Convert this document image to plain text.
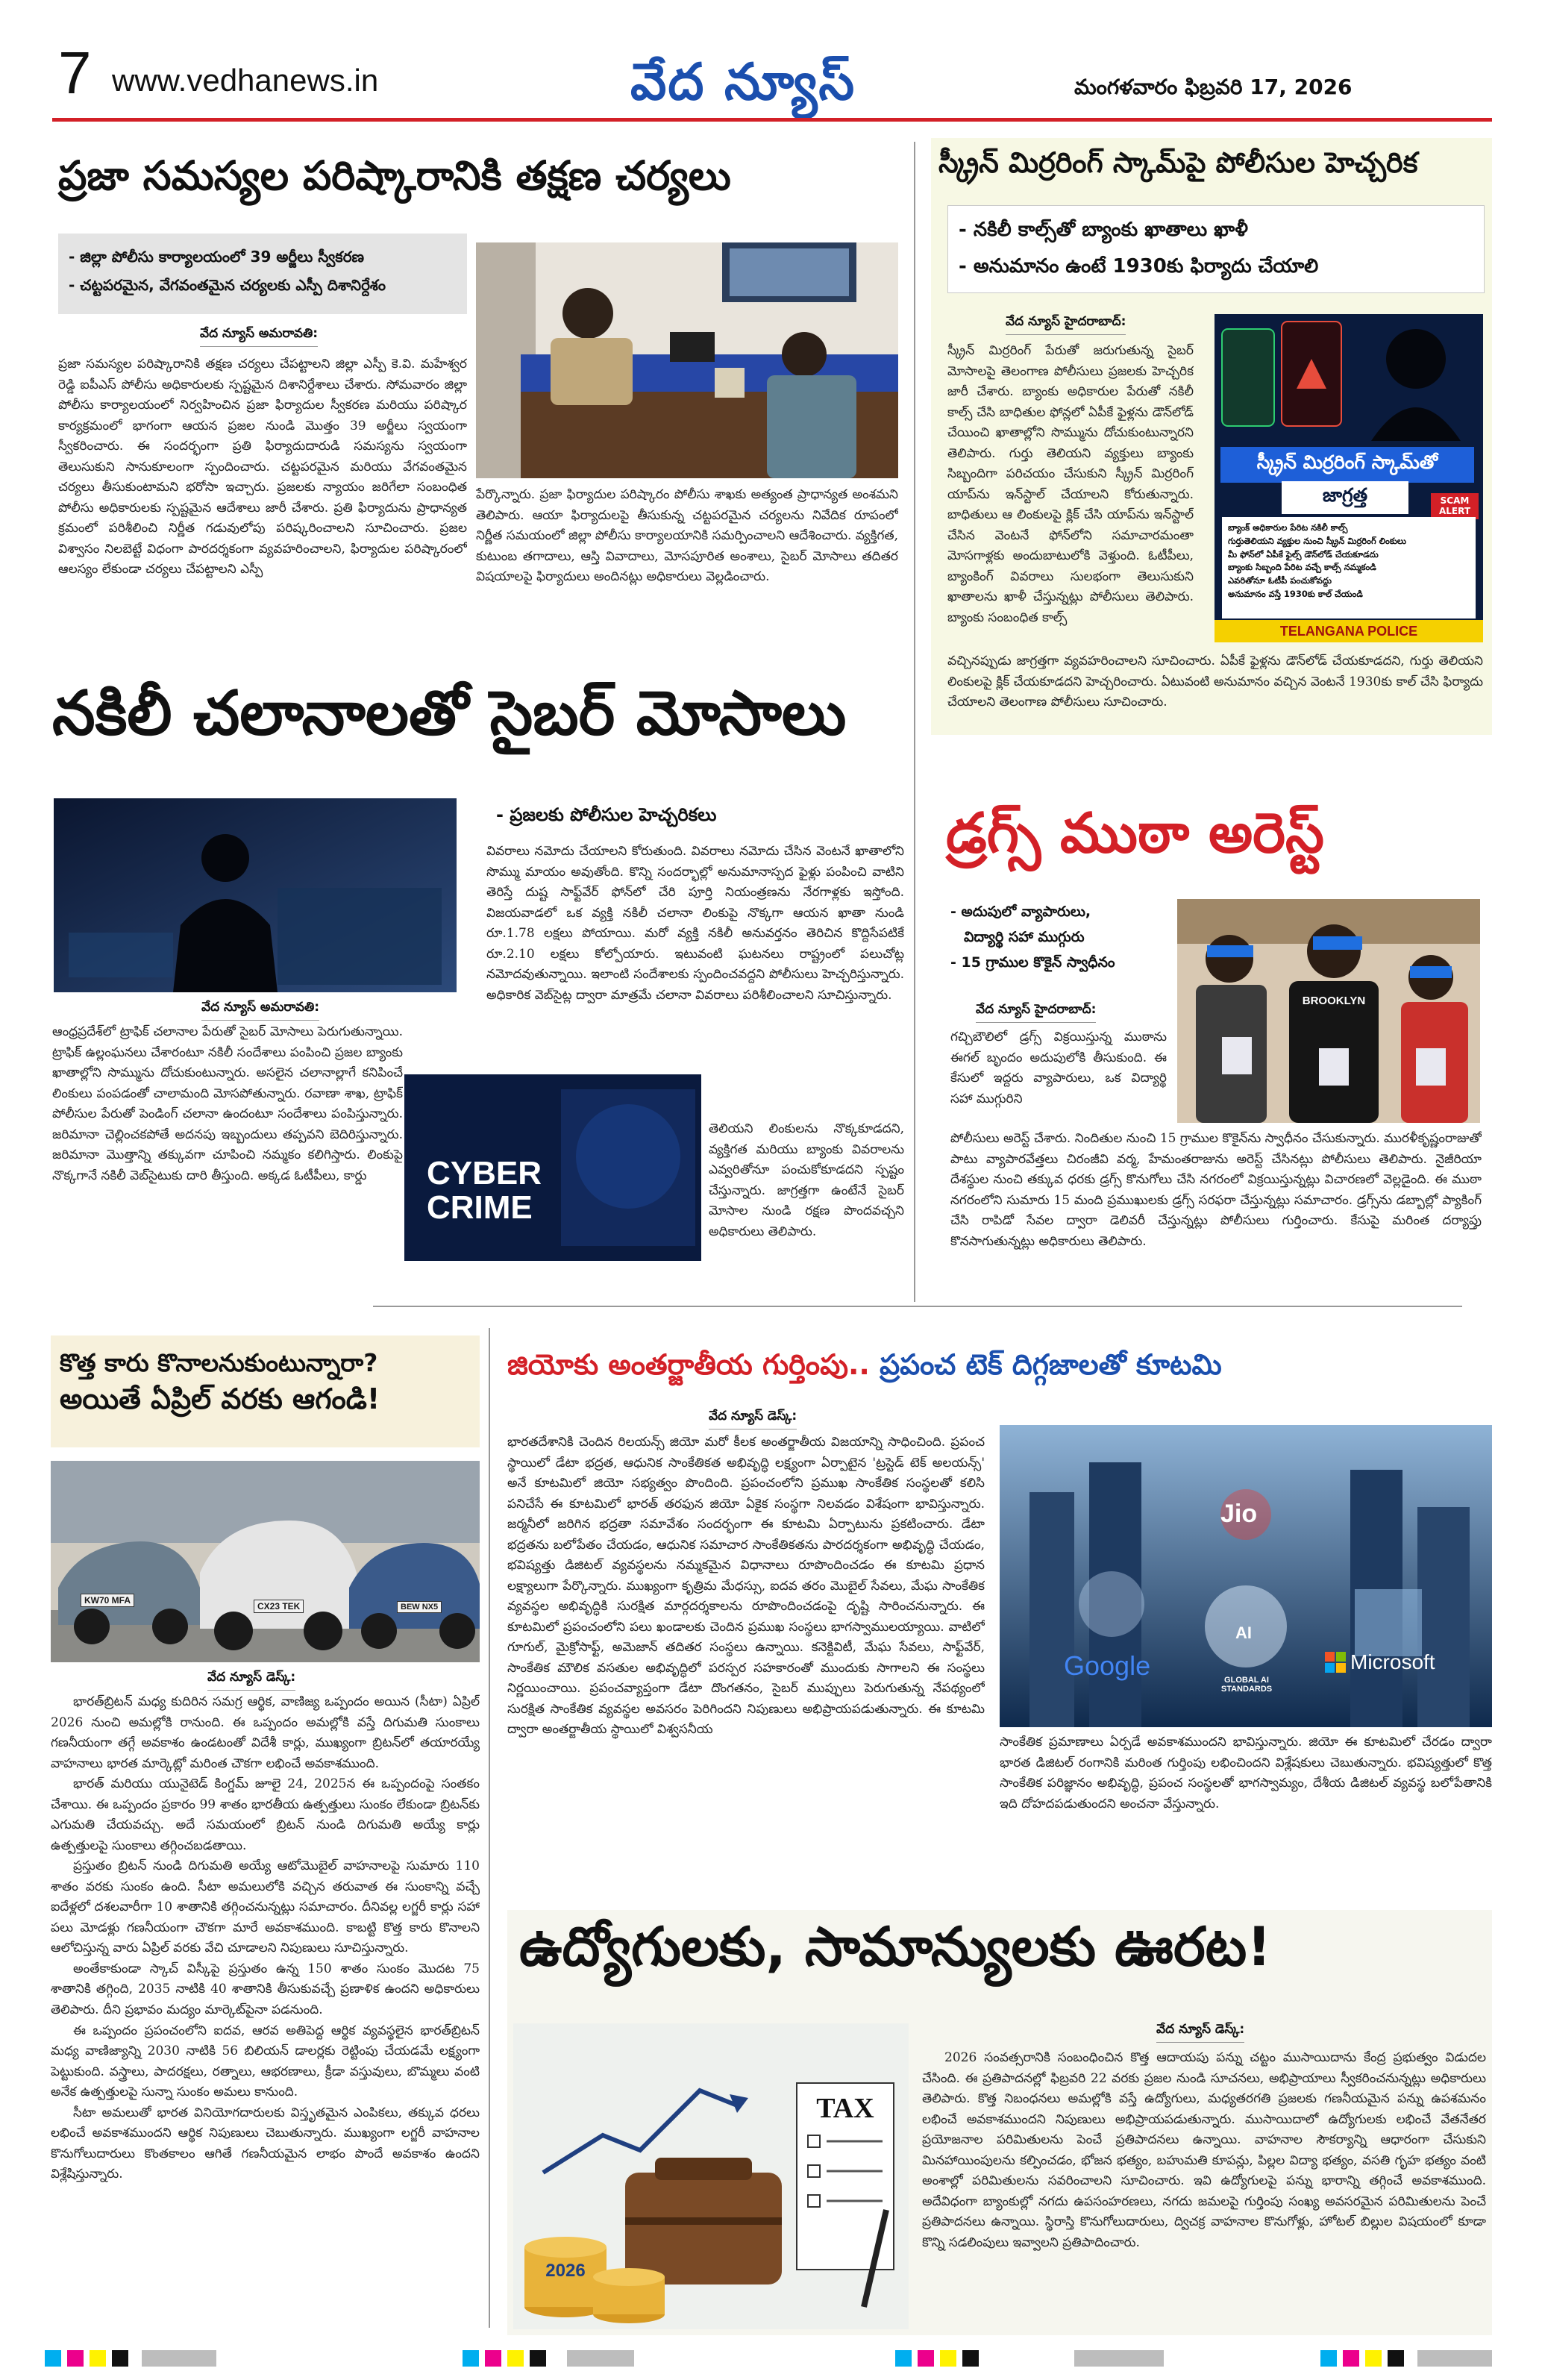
7 www.vedhanews.in	వేద న్యూస్	మంగళవారం ఫిబ్రవరి 17, 2026
ప్రజా సమస్యల పరిష్కారానికి తక్షణ చర్యలు
- జిల్లా పోలీసు కార్యాలయంలో 39 అర్జీలు స్వీకరణ
- చట్టపరమైన, వేగవంతమైన చర్యలకు ఎస్పీ దిశానిర్దేశం
వేద న్యూస్ అమరావతి:
ప్రజా సమస్యల పరిష్కారానికి తక్షణ చర్యలు చేపట్టాలని జిల్లా ఎస్పీ కె.వి. మహేశ్వర రెడ్డి ఐపీఎస్ పోలీసు అధికారులకు స్పష్టమైన దిశానిర్దేశాలు చేశారు. సోమవారం జిల్లా పోలీసు కార్యాలయంలో నిర్వహించిన ప్రజా ఫిర్యాదుల స్వీకరణ మరియు పరిష్కార కార్యక్రమంలో భాగంగా ఆయన ప్రజల నుండి మొత్తం 39 అర్జీలు స్వయంగా స్వీకరించారు. ఈ సందర్భంగా ప్రతి ఫిర్యాదుదారుడి సమస్యను స్వయంగా తెలుసుకుని సానుకూలంగా స్పందించారు. చట్టపరమైన మరియు వేగవంతమైన చర్యలు తీసుకుంటామని భరోసా ఇచ్చారు. ప్రజలకు న్యాయం జరిగేలా సంబంధిత పోలీసు అధికారులకు స్పష్టమైన ఆదేశాలు జారీ చేశారు. ప్రతి ఫిర్యాదును ప్రాధాన్యత క్రమంలో పరిశీలించి నిర్ణీత గడువులోపు పరిష్కరించాలని సూచించారు. ప్రజల విశ్వాసం నిలబెట్టే విధంగా పారదర్శకంగా వ్యవహరించాలని, ఫిర్యాదుల పరిష్కారంలో ఆలస్యం లేకుండా చర్యలు చేపట్టాలని ఎస్పీ
పేర్కొన్నారు. ప్రజా ఫిర్యాదుల పరిష్కారం పోలీసు శాఖకు అత్యంత ప్రాధాన్యత అంశమని తెలిపారు. ఆయా ఫిర్యాదులపై తీసుకున్న చట్టపరమైన చర్యలను నివేదిక రూపంలో నిర్ణీత సమయంలో జిల్లా పోలీసు కార్యాలయానికి సమర్పించాలని ఆదేశించారు. వ్యక్తిగత, కుటుంబ తగాదాలు, ఆస్తి వివాదాలు, మోసపూరిత అంశాలు, సైబర్ మోసాలు తదితర విషయాలపై ఫిర్యాదులు అందినట్లు అధికారులు వెల్లడించారు.
నకిలీ చలానాలతో సైబర్ మోసాలు
వేద న్యూస్ అమరావతి:
- ప్రజలకు పోలీసుల హెచ్చరికలు
ఆంధ్రప్రదేశ్‌లో ట్రాఫిక్ చలానాల పేరుతో సైబర్ మోసాలు పెరుగుతున్నాయి. ట్రాఫిక్ ఉల్లంఘనలు చేశారంటూ నకిలీ సందేశాలు పంపించి ప్రజల బ్యాంకు ఖాతాల్లోని సొమ్మును దోచుకుంటున్నారు. అసలైన చలానాల్లాగే కనిపించే లింకులు పంపడంతో చాలామంది మోసపోతున్నారు. రవాణా శాఖ, ట్రాఫిక్ పోలీసుల పేరుతో పెండింగ్ చలానా ఉందంటూ సందేశాలు పంపిస్తున్నారు. జరిమానా చెల్లించకపోతే అదనపు ఇబ్బందులు తప్పవని బెదిరిస్తున్నారు. జరిమానా మొత్తాన్ని తక్కువగా చూపించి నమ్మకం కలిగిస్తారు. లింకుపై నొక్కగానే నకిలీ వెబ్‌సైటుకు దారి తీస్తుంది. అక్కడ ఓటీపీలు, కార్డు
వివరాలు నమోదు చేయాలని కోరుతుంది. వివరాలు నమోదు చేసిన వెంటనే ఖాతాలోని సొమ్ము మాయం అవుతోంది. కొన్ని సందర్భాల్లో అనుమానాస్పద ఫైళ్లు పంపించి వాటిని తెరిస్తే దుష్ట సాఫ్ట్‌వేర్ ఫోన్‌లో చేరి పూర్తి నియంత్రణను నేరగాళ్లకు ఇస్తోంది. విజయవాడలో ఒక వ్యక్తి నకిలీ చలానా లింకుపై నొక్కగా ఆయన ఖాతా నుండి రూ.1.78 లక్షలు పోయాయి. మరో వ్యక్తి నకిలీ అనువర్తనం తెరిచిన కొద్దిసేపటికే రూ.2.10 లక్షలు కోల్పోయారు. ఇటువంటి ఘటనలు రాష్ట్రంలో పలుచోట్ల నమోదవుతున్నాయి. ఇలాంటి సందేశాలకు స్పందించవద్దని పోలీసులు హెచ్చరిస్తున్నారు. అధికారిక వెబ్‌సైట్ల ద్వారా మాత్రమే చలానా వివరాలు పరిశీలించాలని సూచిస్తున్నారు.
CYBER CRIME
తెలియని లింకులను నొక్కకూడదని, వ్యక్తిగత మరియు బ్యాంకు వివరాలను ఎవ్వరితోనూ పంచుకోకూడదని స్పష్టం చేస్తున్నారు. జాగ్రత్తగా ఉంటేనే సైబర్ మోసాల నుండి రక్షణ పొందవచ్చని అధికారులు తెలిపారు.
స్క్రీన్ మిర్రరింగ్ స్కామ్‌పై పోలీసుల హెచ్చరిక
- నకిలీ కాల్స్‌తో బ్యాంకు ఖాతాలు ఖాళీ
- అనుమానం ఉంటే 1930కు ఫిర్యాదు చేయాలి
వేద న్యూస్ హైదరాబాద్:
స్క్రీన్ మిర్రరింగ్ పేరుతో జరుగుతున్న సైబర్ మోసాలపై తెలంగాణ పోలీసులు ప్రజలకు హెచ్చరిక జారీ చేశారు. బ్యాంకు అధికారుల పేరుతో నకిలీ కాల్స్ చేసి బాధితుల ఫోన్లలో ఏపీకే ఫైళ్లను డౌన్‌లోడ్ చేయించి ఖాతాల్లోని సొమ్మును దోచుకుంటున్నారని తెలిపారు. గుర్తు తెలియని వ్యక్తులు బ్యాంకు సిబ్బందిగా పరిచయం చేసుకుని స్క్రీన్ మిర్రరింగ్ యాప్‌ను ఇన్‌స్టాల్ చేయాలని కోరుతున్నారు. బాధితులు ఆ లింకులపై క్లిక్ చేసి యాప్‌ను ఇన్‌స్టాల్ చేసిన వెంటనే ఫోన్‌లోని సమాచారమంతా మోసగాళ్లకు అందుబాటులోకి వెళ్తుంది. ఓటీపీలు, బ్యాంకింగ్ వివరాలు సులభంగా తెలుసుకుని ఖాతాలను ఖాళీ చేస్తున్నట్లు పోలీసులు తెలిపారు. బ్యాంకు సంబంధిత కాల్స్
స్క్రీన్ మిర్రరింగ్ స్కామ్‌తో
జాగ్రత్త	SCAM ALERT
బ్యాంక్ అధికారుల పేరిట నకిలీ కాల్స్
గుర్తుతెలియని వ్యక్తుల నుంచి స్క్రీన్ మిర్రరింగ్ లింకులు
మీ ఫోన్‌లో ఏపీకే ఫైల్స్ డౌన్‌లోడ్ చేయకూడదు
బ్యాంకు సిబ్బంది పేరిట వచ్చే కాల్స్ నమ్మకండి
ఎవరితోనూ ఓటీపీ పంచుకోవద్దు
అనుమానం వస్తే 1930కు కాల్ చేయండి
TELANGANA POLICE
వచ్చినప్పుడు జాగ్రత్తగా వ్యవహరించాలని సూచించారు. ఏపీకే ఫైళ్లను డౌన్‌లోడ్ చేయకూడదని, గుర్తు తెలియని లింకులపై క్లిక్ చేయకూడదని హెచ్చరించారు. ఏటువంటి అనుమానం వచ్చిన వెంటనే 1930కు కాల్ చేసి ఫిర్యాదు చేయాలని తెలంగాణ పోలీసులు సూచించారు.
డ్రగ్స్ ముఠా అరెస్ట్
- అదుపులో వ్యాపారులు,
విద్యార్థి సహా ముగ్గురు
- 15 గ్రాముల కొకైన్ స్వాధీనం
వేద న్యూస్ హైదరాబాద్:
గచ్చిబౌలిలో డ్రగ్స్ విక్రయిస్తున్న ముఠాను ఈగల్ బృందం అదుపులోకి తీసుకుంది. ఈ కేసులో ఇద్దరు వ్యాపారులు, ఒక విద్యార్థి సహా ముగ్గురిని
BROOKLYN
పోలీసులు అరెస్ట్ చేశారు. నిందితుల నుంచి 15 గ్రాముల కొకైన్‌ను స్వాధీనం చేసుకున్నారు. మురళీకృష్ణంరాజుతో పాటు వ్యాపారవేత్తలు చిరంజీవి వర్మ, హేమంతరాజును అరెస్ట్ చేసినట్లు పోలీసులు తెలిపారు. నైజీరియా దేశస్థుల నుంచి తక్కువ ధరకు డ్రగ్స్ కొనుగోలు చేసి నగరంలో విక్రయిస్తున్నట్లు విచారణలో వెల్లడైంది. ఈ ముఠా నగరంలోని సుమారు 15 మంది ప్రముఖులకు డ్రగ్స్ సరఫరా చేస్తున్నట్లు సమాచారం. డ్రగ్స్‌ను డబ్బాల్లో ప్యాకింగ్ చేసి రాపిడో సేవల ద్వారా డెలివరీ చేస్తున్నట్లు పోలీసులు గుర్తించారు. కేసుపై మరింత దర్యాప్తు కొనసాగుతున్నట్లు అధికారులు తెలిపారు.
కొత్త కారు కొనాలనుకుంటున్నారా?
అయితే ఏప్రిల్ వరకు ఆగండి!
KW70 MFA
CX23 TEK	BEW NX5
వేద న్యూస్ డెస్క్:

భారత్‌బ్రిటన్ మధ్య కుదిరిన సమగ్ర ఆర్థిక, వాణిజ్య ఒప్పందం అయిన (సీటా) ఏప్రిల్ 2026 నుంచి అమల్లోకి రానుంది. ఈ ఒప్పందం అమల్లోకి వస్తే దిగుమతి సుంకాలు గణనీయంగా తగ్గే అవకాశం ఉండటంతో విదేశీ కార్లు, ముఖ్యంగా బ్రిటన్‌లో తయారయ్యే వాహనాలు భారత మార్కెట్లో మరింత చౌకగా లభించే అవకాశముంది.

భారత్ మరియు యునైటెడ్ కింగ్డమ్ జూలై 24, 2025న ఈ ఒప్పందంపై సంతకం చేశాయి. ఈ ఒప్పందం ప్రకారం 99 శాతం భారతీయ ఉత్పత్తులు సుంకం లేకుండా బ్రిటన్‌కు ఎగుమతి చేయవచ్చు. అదే సమయంలో బ్రిటన్ నుండి దిగుమతి అయ్యే కార్లు ఉత్పత్తులపై సుంకాలు తగ్గించబడతాయి.

ప్రస్తుతం బ్రిటన్ నుండి దిగుమతి అయ్యే ఆటోమొబైల్ వాహనాలపై సుమారు 110 శాతం వరకు సుంకం ఉంది. సీటా అమలులోకి వచ్చిన తరువాత ఈ సుంకాన్ని వచ్చే ఐదేళ్లలో దశలవారీగా 10 శాతానికి తగ్గించనున్నట్లు సమాచారం. దీనివల్ల లగ్జరీ కార్లు సహా పలు మోడళ్లు గణనీయంగా చౌకగా మారే అవకాశముంది. కాబట్టి కొత్త కారు కొనాలని ఆలోచిస్తున్న వారు ఏప్రిల్ వరకు వేచి చూడాలని నిపుణులు సూచిస్తున్నారు.

అంతేకాకుండా స్కాచ్ విస్కీపై ప్రస్తుతం ఉన్న 150 శాతం సుంకం మొదట 75 శాతానికి తగ్గింది, 2035 నాటికి 40 శాతానికి తీసుకువచ్చే ప్రణాళిక ఉందని అధికారులు తెలిపారు. దీని ప్రభావం మద్యం మార్కెట్‌పైనా పడనుంది.

ఈ ఒప్పందం ప్రపంచంలోని ఐదవ, ఆరవ అతిపెద్ద ఆర్థిక వ్యవస్థలైన భారత్‌బ్రిటన్ మధ్య వాణిజ్యాన్ని 2030 నాటికి 56 బిలియన్ డాలర్లకు రెట్టింపు చేయడమే లక్ష్యంగా పెట్టుకుంది. వస్త్రాలు, పాదరక్షలు, రత్నాలు, ఆభరణాలు, క్రీడా వస్తువులు, బొమ్మలు వంటి అనేక ఉత్పత్తులపై సున్నా సుంకం అమలు కానుంది.

సీటా అమలుతో భారత వినియోగదారులకు విస్తృతమైన ఎంపికలు, తక్కువ ధరలు లభించే అవకాశముందని ఆర్థిక నిపుణులు చెబుతున్నారు. ముఖ్యంగా లగ్జరీ వాహనాల కొనుగోలుదారులు కొంతకాలం ఆగితే గణనీయమైన లాభం పొందే అవకాశం ఉందని విశ్లేషిస్తున్నారు.

జియోకు అంతర్జాతీయ గుర్తింపు.. ప్రపంచ టెక్ దిగ్గజాలతో కూటమి
వేద న్యూస్ డెస్క్:
భారతదేశానికి చెందిన రిలయన్స్ జియో మరో కీలక అంతర్జాతీయ విజయాన్ని సాధించింది. ప్రపంచ స్థాయిలో డేటా భద్రత, ఆధునిక సాంకేతికత అభివృద్ధి లక్ష్యంగా ఏర్పాటైన 'ట్రస్టెడ్ టెక్ అలయన్స్' అనే కూటమిలో జియో సభ్యత్వం పొందింది. ప్రపంచంలోని ప్రముఖ సాంకేతిక సంస్థలతో కలిసి పనిచేసే ఈ కూటమిలో భారత్ తరఫున జియో ఏకైక సంస్థగా నిలవడం విశేషంగా భావిస్తున్నారు. జర్మనీలో జరిగిన భద్రతా సమావేశం సందర్భంగా ఈ కూటమి ఏర్పాటును ప్రకటించారు. డేటా భద్రతను బలోపేతం చేయడం, ఆధునిక సమాచార సాంకేతికతను పారదర్శకంగా అభివృద్ధి చేయడం, భవిష్యత్తు డిజిటల్ వ్యవస్థలను నమ్మకమైన విధానాలు రూపొందించడం ఈ కూటమి ప్రధాన లక్ష్యాలుగా పేర్కొన్నారు. ముఖ్యంగా కృత్రిమ మేధస్సు, ఐదవ తరం మొబైల్ సేవలు, మేఘ సాంకేతిక వ్యవస్థల అభివృద్ధికి సురక్షిత మార్గదర్శకాలను రూపొందించడంపై దృష్టి సారించనున్నారు. ఈ కూటమిలో ప్రపంచంలోని పలు ఖండాలకు చెందిన ప్రముఖ సంస్థలు భాగస్వాములయ్యాయి. వాటిలో గూగుల్, మైక్రోసాఫ్ట్, అమెజాన్ తదితర సంస్థలు ఉన్నాయి. కనెక్టివిటీ, మేఘ సేవలు, సాఫ్ట్‌వేర్, సాంకేతిక మౌలిక వసతుల అభివృద్ధిలో పరస్పర సహకారంతో ముందుకు సాగాలని ఈ సంస్థలు నిర్ణయించాయి. ప్రపంచవ్యాప్తంగా డేటా దొంగతనం, సైబర్ ముప్పులు పెరుగుతున్న నేపథ్యంలో సురక్షిత సాంకేతిక వ్యవస్థల అవసరం పెరిగిందని నిపుణులు అభిప్రాయపడుతున్నారు. ఈ కూటమి ద్వారా అంతర్జాతీయ స్థాయిలో విశ్వసనీయ
Jio
Google
AI
GLOBAL AI STANDARDS
Microsoft
సాంకేతిక ప్రమాణాలు ఏర్పడే అవకాశముందని భావిస్తున్నారు. జియో ఈ కూటమిలో చేరడం ద్వారా భారత డిజిటల్ రంగానికి మరింత గుర్తింపు లభించిందని విశ్లేషకులు చెబుతున్నారు. భవిష్యత్తులో కొత్త సాంకేతిక పరిజ్ఞానం అభివృద్ధి, ప్రపంచ సంస్థలతో భాగస్వామ్యం, దేశీయ డిజిటల్ వ్యవస్థ బలోపేతానికి ఇది దోహదపడుతుందని అంచనా వేస్తున్నారు.
ఉద్యోగులకు, సామాన్యులకు ఊరట!
TAX
2026
వేద న్యూస్ డెస్క్:
2026 సంవత్సరానికి సంబంధించిన కొత్త ఆదాయపు పన్ను చట్టం ముసాయిదాను కేంద్ర ప్రభుత్వం విడుదల చేసింది. ఈ ప్రతిపాదనల్లో ఫిబ్రవరి 22 వరకు ప్రజల నుండి సూచనలు, అభిప్రాయాలు స్వీకరించనున్నట్లు అధికారులు తెలిపారు. కొత్త నిబంధనలు అమల్లోకి వస్తే ఉద్యోగులు, మధ్యతరగతి ప్రజలకు గణనీయమైన పన్ను ఉపశమనం లభించే అవకాశముందని నిపుణులు అభిప్రాయపడుతున్నారు. ముసాయిదాలో ఉద్యోగులకు లభించే వేతనేతర ప్రయోజనాల పరిమితులను పెంచే ప్రతిపాదనలు ఉన్నాయి. వాహనాల సౌకర్యాన్ని ఆధారంగా చేసుకుని మినహాయింపులను కల్పించడం, భోజన భత్యం, బహుమతి కూపన్లు, పిల్లల విద్యా భత్యం, వసతి గృహ భత్యం వంటి అంశాల్లో పరిమితులను సవరించాలని సూచించారు. ఇవి ఉద్యోగులపై పన్ను భారాన్ని తగ్గించే అవకాశముంది. అదేవిధంగా బ్యాంకుల్లో నగదు ఉపసంహరణలు, నగదు జమలపై గుర్తింపు సంఖ్య అవసరమైన పరిమితులను పెంచే ప్రతిపాదనలు ఉన్నాయి. స్థిరాస్తి కొనుగోలుదారులు, ద్విచక్ర వాహనాల కొనుగోళ్లు, హోటల్ బిల్లుల విషయంలో కూడా కొన్ని సడలింపులు ఇవ్వాలని ప్రతిపాదించారు.
